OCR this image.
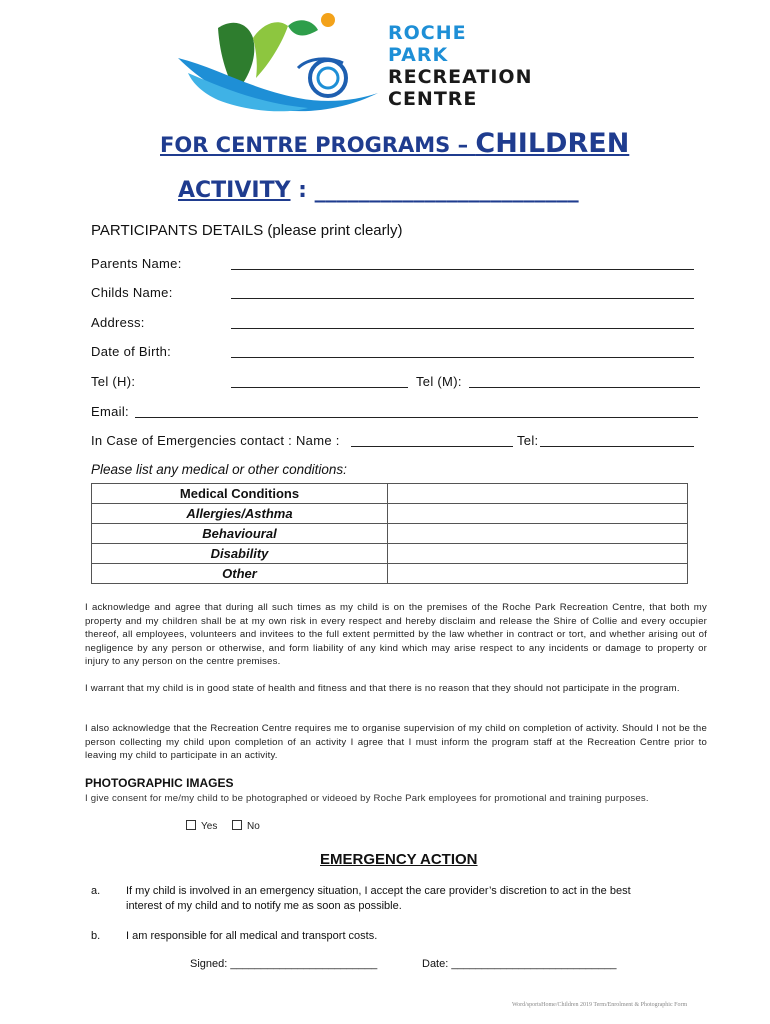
ROCHE
PARK
RECREATION
CENTRE
FOR CENTRE PROGRAMS – CHILDREN
ACTIVITY : ________________________
PARTICIPANTS DETAILS (please print clearly)
Parents Name:
Childs Name:
Address:
Date of Birth:
Tel (H):	Tel (M):
Email:
In Case of Emergencies contact : Name :	Tel:
Please list any medical or other conditions:
Medical Conditions	
Allergies/Asthma	
Behavioural	
Disability	
Other	
I acknowledge and agree that during all such times as my child is on the premises of the Roche Park Recreation Centre, that both my property and my children shall be at my own risk in every respect and hereby disclaim and release the Shire of Collie and every occupier thereof, all employees, volunteers and invitees to the full extent permitted by the law whether in contract or tort, and whether arising out of negligence by any person or otherwise, and form liability of any kind which may arise respect to any incidents or damage to property or injury to any person on the centre premises.
I warrant that my child is in good state of health and fitness and that there is no reason that they should not participate in the program.
I also acknowledge that the Recreation Centre requires me to organise supervision of my child on completion of activity. Should I not be the person collecting my child upon completion of an activity I agree that I must inform the program staff at the Recreation Centre prior to leaving my child to participate in an activity.
PHOTOGRAPHIC IMAGES
I give consent for me/my child to be photographed or videoed by Roche Park employees for promotional and training purposes.
Yes	No
EMERGENCY ACTION
a. If my child is involved in an emergency situation, I accept the care provider’s discretion to act in the best
interest of my child and to notify me as soon as possible.
b. I am responsible for all medical and transport costs.
Signed: ________________________	Date: ___________________________
Word/sportsHome/Children 2019 Term/Enrolment & Photographic Form
